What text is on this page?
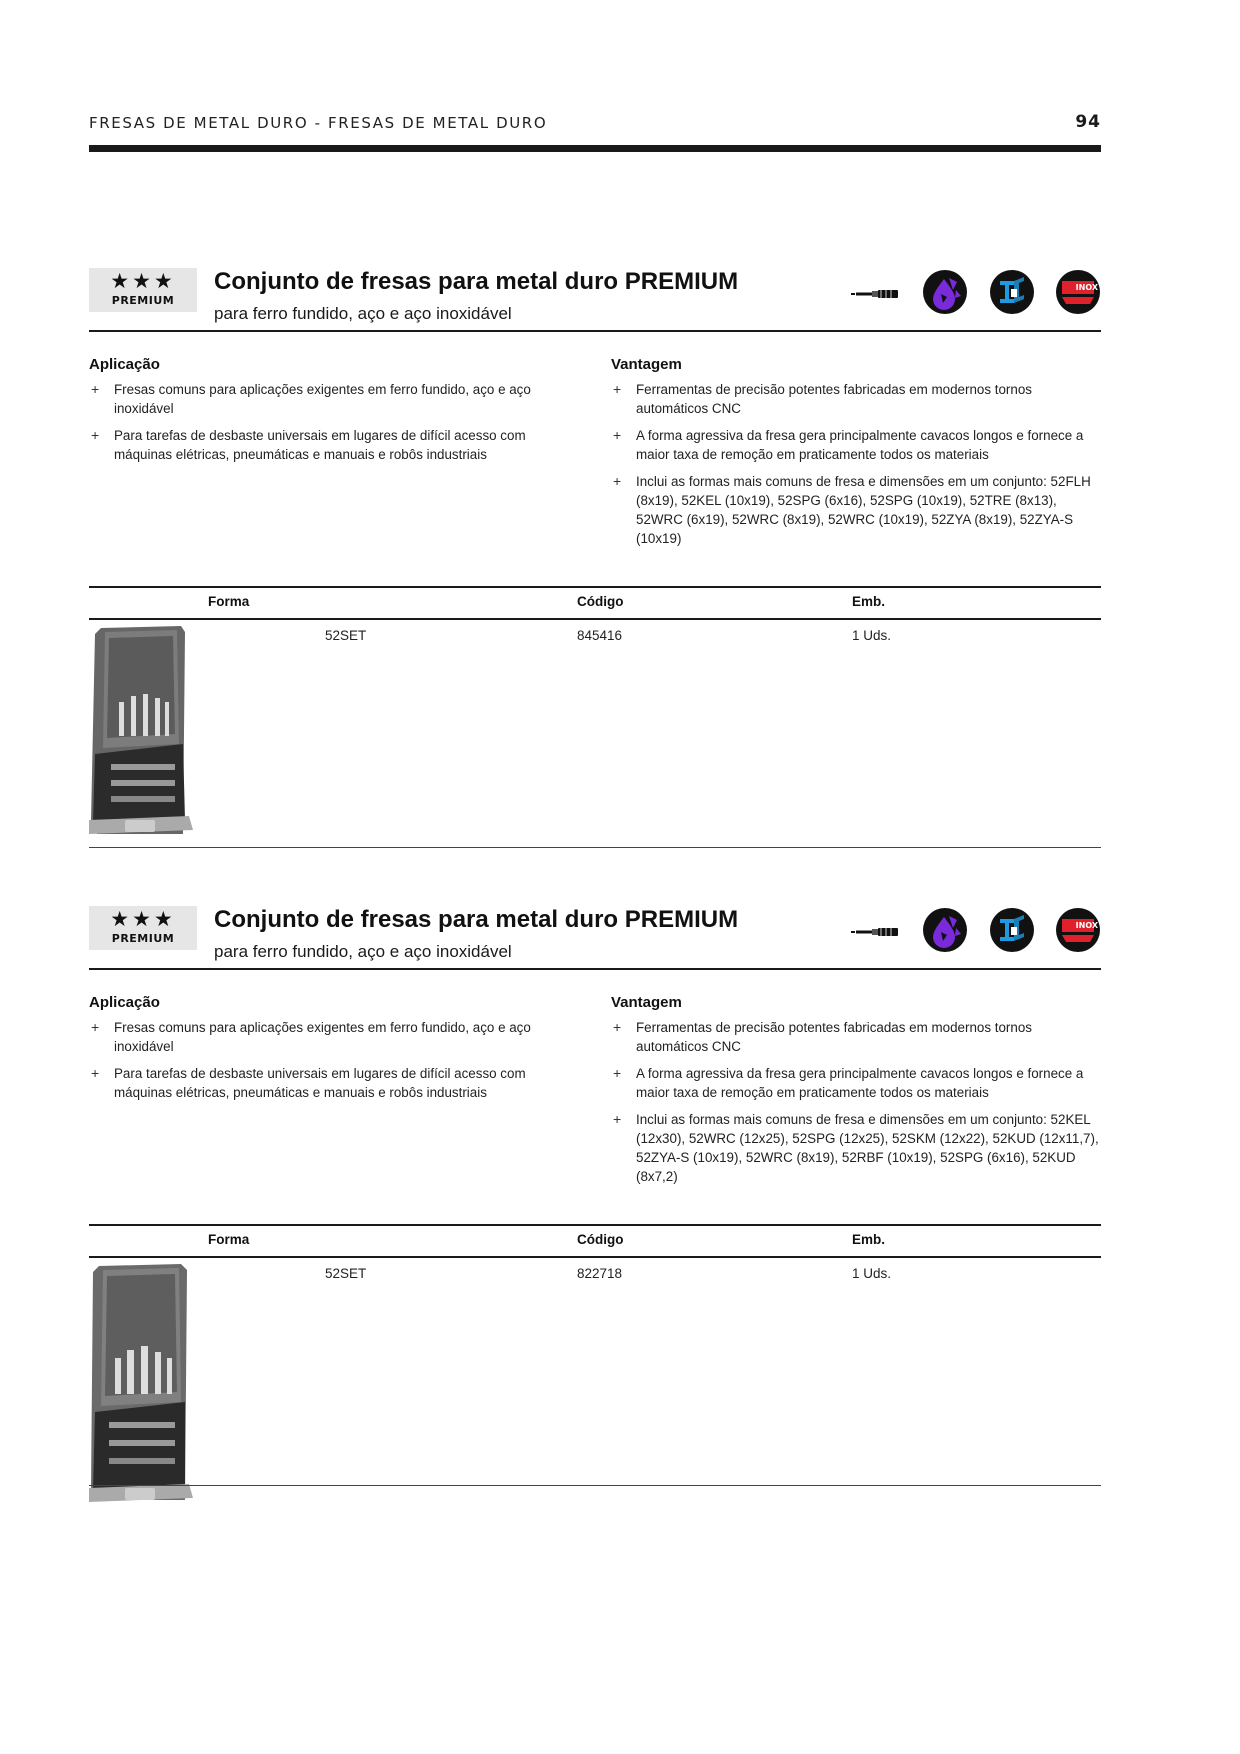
FRESAS DE METAL DURO - FRESAS DE METAL DURO	94
★★★
PREMIUM
Conjunto de fresas para metal duro PREMIUM
para ferro fundido, aço e aço inoxidável
INOX
Aplicação
+ Fresas comuns para aplicações exigentes em ferro fundido, aço e aço inoxidável
+ Para tarefas de desbaste universais em lugares de difícil acesso com máquinas elétricas, pneumáticas e manuais e robôs industriais
Vantagem
+ Ferramentas de precisão potentes fabricadas em modernos tornos automáticos CNC
+ A forma agressiva da fresa gera principalmente cavacos longos e fornece a maior taxa de remoção em praticamente todos os materiais
+ Inclui as formas mais comuns de fresa e dimensões em um conjunto: 52FLH (8x19), 52KEL (10x19), 52SPG (6x16), 52SPG (10x19), 52TRE (8x13), 52WRC (6x19), 52WRC (8x19), 52WRC (10x19), 52ZYA (8x19), 52ZYA-S (10x19)
Forma	Código	Emb.
52SET	845416	1 Uds.
★★★
PREMIUM
Conjunto de fresas para metal duro PREMIUM
para ferro fundido, aço e aço inoxidável
INOX
Aplicação
+ Fresas comuns para aplicações exigentes em ferro fundido, aço e aço inoxidável
+ Para tarefas de desbaste universais em lugares de difícil acesso com máquinas elétricas, pneumáticas e manuais e robôs industriais
Vantagem
+ Ferramentas de precisão potentes fabricadas em modernos tornos automáticos CNC
+ A forma agressiva da fresa gera principalmente cavacos longos e fornece a maior taxa de remoção em praticamente todos os materiais
+ Inclui as formas mais comuns de fresa e dimensões em um conjunto: 52KEL (12x30), 52WRC (12x25), 52SPG (12x25), 52SKM (12x22), 52KUD (12x11,7), 52ZYA-S (10x19), 52WRC (8x19), 52RBF (10x19), 52SPG (6x16), 52KUD (8x7,2)
Forma	Código	Emb.
52SET	822718	1 Uds.
